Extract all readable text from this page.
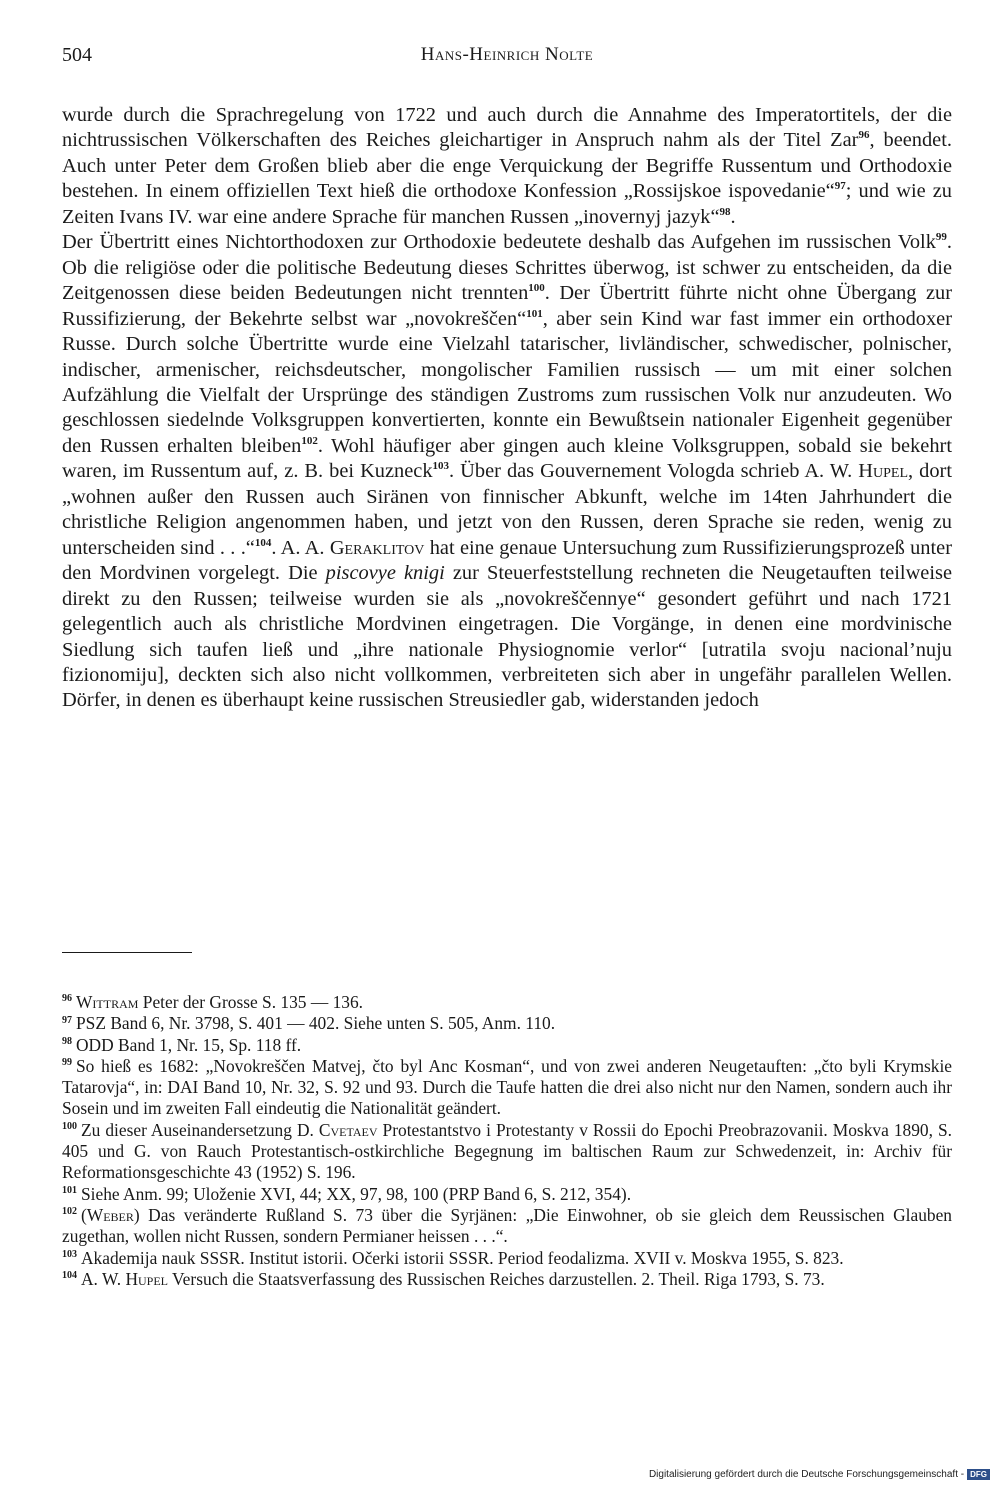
504	Hans-Heinrich Nolte

wurde durch die Sprachregelung von 1722 und auch durch die Annahme des Imperatortitels, der die nichtrussischen Völkerschaften des Reiches gleichartiger in Anspruch nahm als der Titel Zar$^{96}$, beendet. Auch unter Peter dem Großen blieb aber die enge Verquickung der Begriffe Russentum und Orthodoxie bestehen. In einem offiziellen Text hieß die orthodoxe Konfession „Rossijskoe ispovedanie“$^{97}$; und wie zu Zeiten Ivans IV. war eine andere Sprache für manchen Russen „inovernyj jazyk“$^{98}$.

Der Übertritt eines Nichtorthodoxen zur Orthodoxie bedeutete deshalb das Aufgehen im russischen Volk$^{99}$. Ob die religiöse oder die politische Bedeutung dieses Schrittes überwog, ist schwer zu entscheiden, da die Zeitgenossen diese beiden Bedeutungen nicht trennten$^{100}$. Der Übertritt führte nicht ohne Übergang zur Russifizierung, der Bekehrte selbst war „novokreščen“$^{101}$, aber sein Kind war fast immer ein orthodoxer Russe. Durch solche Übertritte wurde eine Vielzahl tatarischer, livländischer, schwedischer, polnischer, indischer, armenischer, reichsdeutscher, mongolischer Familien russisch — um mit einer solchen Aufzählung die Vielfalt der Ursprünge des ständigen Zustroms zum russischen Volk nur anzudeuten. Wo geschlossen siedelnde Volksgruppen konvertierten, konnte ein Bewußtsein nationaler Eigenheit gegenüber den Russen erhalten bleiben$^{102}$. Wohl häufiger aber gingen auch kleine Volksgruppen, sobald sie bekehrt waren, im Russentum auf, z. B. bei Kuzneck$^{103}$. Über das Gouvernement Vologda schrieb A. W. Hupel, dort „wohnen außer den Russen auch Siränen von finnischer Abkunft, welche im 14ten Jahrhundert die christliche Religion angenommen haben, und jetzt von den Russen, deren Sprache sie reden, wenig zu unterscheiden sind . . .“$^{104}$. A. A. Geraklitov hat eine genaue Untersuchung zum Russifizierungsprozeß unter den Mordvinen vorgelegt. Die piscovye knigi zur Steuerfeststellung rechneten die Neugetauften teilweise direkt zu den Russen; teilweise wurden sie als „novokreščennye“ gesondert geführt und nach 1721 gelegentlich auch als christliche Mordvinen eingetragen. Die Vorgänge, in denen eine mordvinische Siedlung sich taufen ließ und „ihre nationale Physiognomie verlor“ [utratila svoju nacional’nuju fizionomiju], deckten sich also nicht vollkommen, verbreiteten sich aber in ungefähr parallelen Wellen. Dörfer, in denen es überhaupt keine russischen Streusiedler gab, widerstanden jedoch

$^{96}$ Wittram Peter der Grosse S. 135 — 136.

$^{97}$ PSZ Band 6, Nr. 3798, S. 401 — 402. Siehe unten S. 505, Anm. 110.

$^{98}$ ODD Band 1, Nr. 15, Sp. 118 ff.

$^{99}$ So hieß es 1682: „Novokreščen Matvej, čto byl Anc Kosman“, und von zwei anderen Neugetauften: „čto byli Krymskie Tatarovja“, in: DAI Band 10, Nr. 32, S. 92 und 93. Durch die Taufe hatten die drei also nicht nur den Namen, sondern auch ihr Sosein und im zweiten Fall eindeutig die Nationalität geändert.

$^{100}$ Zu dieser Auseinandersetzung D. Cvetaev Protestantstvo i Protestanty v Rossii do Epochi Preobrazovanii. Moskva 1890, S. 405 und G. von Rauch Protestantisch-ostkirchliche Begegnung im baltischen Raum zur Schwedenzeit, in: Archiv für Reformationsgeschichte 43 (1952) S. 196.

$^{101}$ Siehe Anm. 99; Uloženie XVI, 44; XX, 97, 98, 100 (PRP Band 6, S. 212, 354).

$^{102}$ (Weber) Das veränderte Rußland S. 73 über die Syrjänen: „Die Einwohner, ob sie gleich dem Reussischen Glauben zugethan, wollen nicht Russen, sondern Permianer heissen . . .“.

$^{103}$ Akademija nauk SSSR. Institut istorii. Očerki istorii SSSR. Period feodalizma. XVII v. Moskva 1955, S. 823.

$^{104}$ A. W. Hupel Versuch die Staatsverfassung des Russischen Reiches darzustellen. 2. Theil. Riga 1793, S. 73.

Digitalisierung gefördert durch die Deutsche Forschungsgemeinschaft - DFG
